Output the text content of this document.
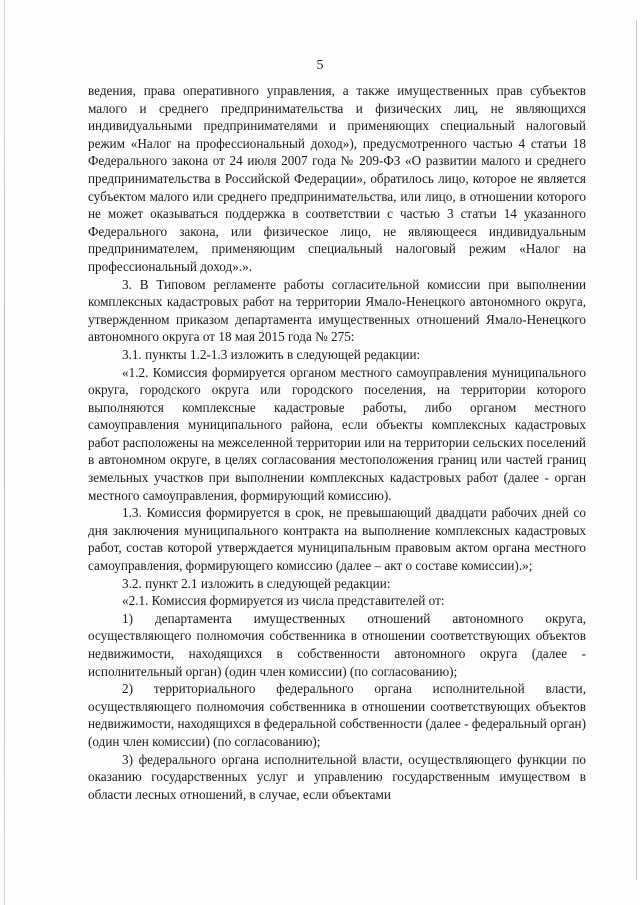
5

ведения, права оперативного управления, а также имущественных прав субъектов малого и среднего предпринимательства и физических лиц, не являющихся индивидуальными предпринимателями и применяющих специальный налоговый режим «Налог на профессиональный доход»), предусмотренного частью 4 статьи 18 Федерального закона от 24 июля 2007 года № 209-ФЗ «О развитии малого и среднего предпринимательства в Российской Федерации», обратилось лицо, которое не является субъектом малого или среднего предпринимательства, или лицо, в отношении которого не может оказываться поддержка в соответствии с частью 3 статьи 14 указанного Федерального закона, или физическое лицо, не являющееся индивидуальным предпринимателем, применяющим специальный налоговый режим «Налог на профессиональный доход».».

3. В Типовом регламенте работы согласительной комиссии при выполнении комплексных кадастровых работ на территории Ямало-Ненецкого автономного округа, утвержденном приказом департамента имущественных отношений Ямало-Ненецкого автономного округа от 18 мая 2015 года № 275:

3.1. пункты 1.2-1.3 изложить в следующей редакции:

«1.2. Комиссия формируется органом местного самоуправления муниципального округа, городского округа или городского поселения, на территории которого выполняются комплексные кадастровые работы, либо органом местного самоуправления муниципального района, если объекты комплексных кадастровых работ расположены на межселенной территории или на территории сельских поселений в автономном округе, в целях согласования местоположения границ или частей границ земельных участков при выполнении комплексных кадастровых работ (далее - орган местного самоуправления, формирующий комиссию).

1.3. Комиссия формируется в срок, не превышающий двадцати рабочих дней со дня заключения муниципального контракта на выполнение комплексных кадастровых работ, состав которой утверждается муниципальным правовым актом органа местного самоуправления, формирующего комиссию (далее – акт о составе комиссии).»;

3.2. пункт 2.1 изложить в следующей редакции:

«2.1. Комиссия формируется из числа представителей от:

1) департамента имущественных отношений автономного округа, осуществляющего полномочия собственника в отношении соответствующих объектов недвижимости, находящихся в собственности автономного округа (далее - исполнительный орган) (один член комиссии) (по согласованию);

2) территориального федерального органа исполнительной власти, осуществляющего полномочия собственника в отношении соответствующих объектов недвижимости, находящихся в федеральной собственности (далее - федеральный орган) (один член комиссии) (по согласованию);

3) федерального органа исполнительной власти, осуществляющего функции по оказанию государственных услуг и управлению государственным имуществом в области лесных отношений, в случае, если объектами
